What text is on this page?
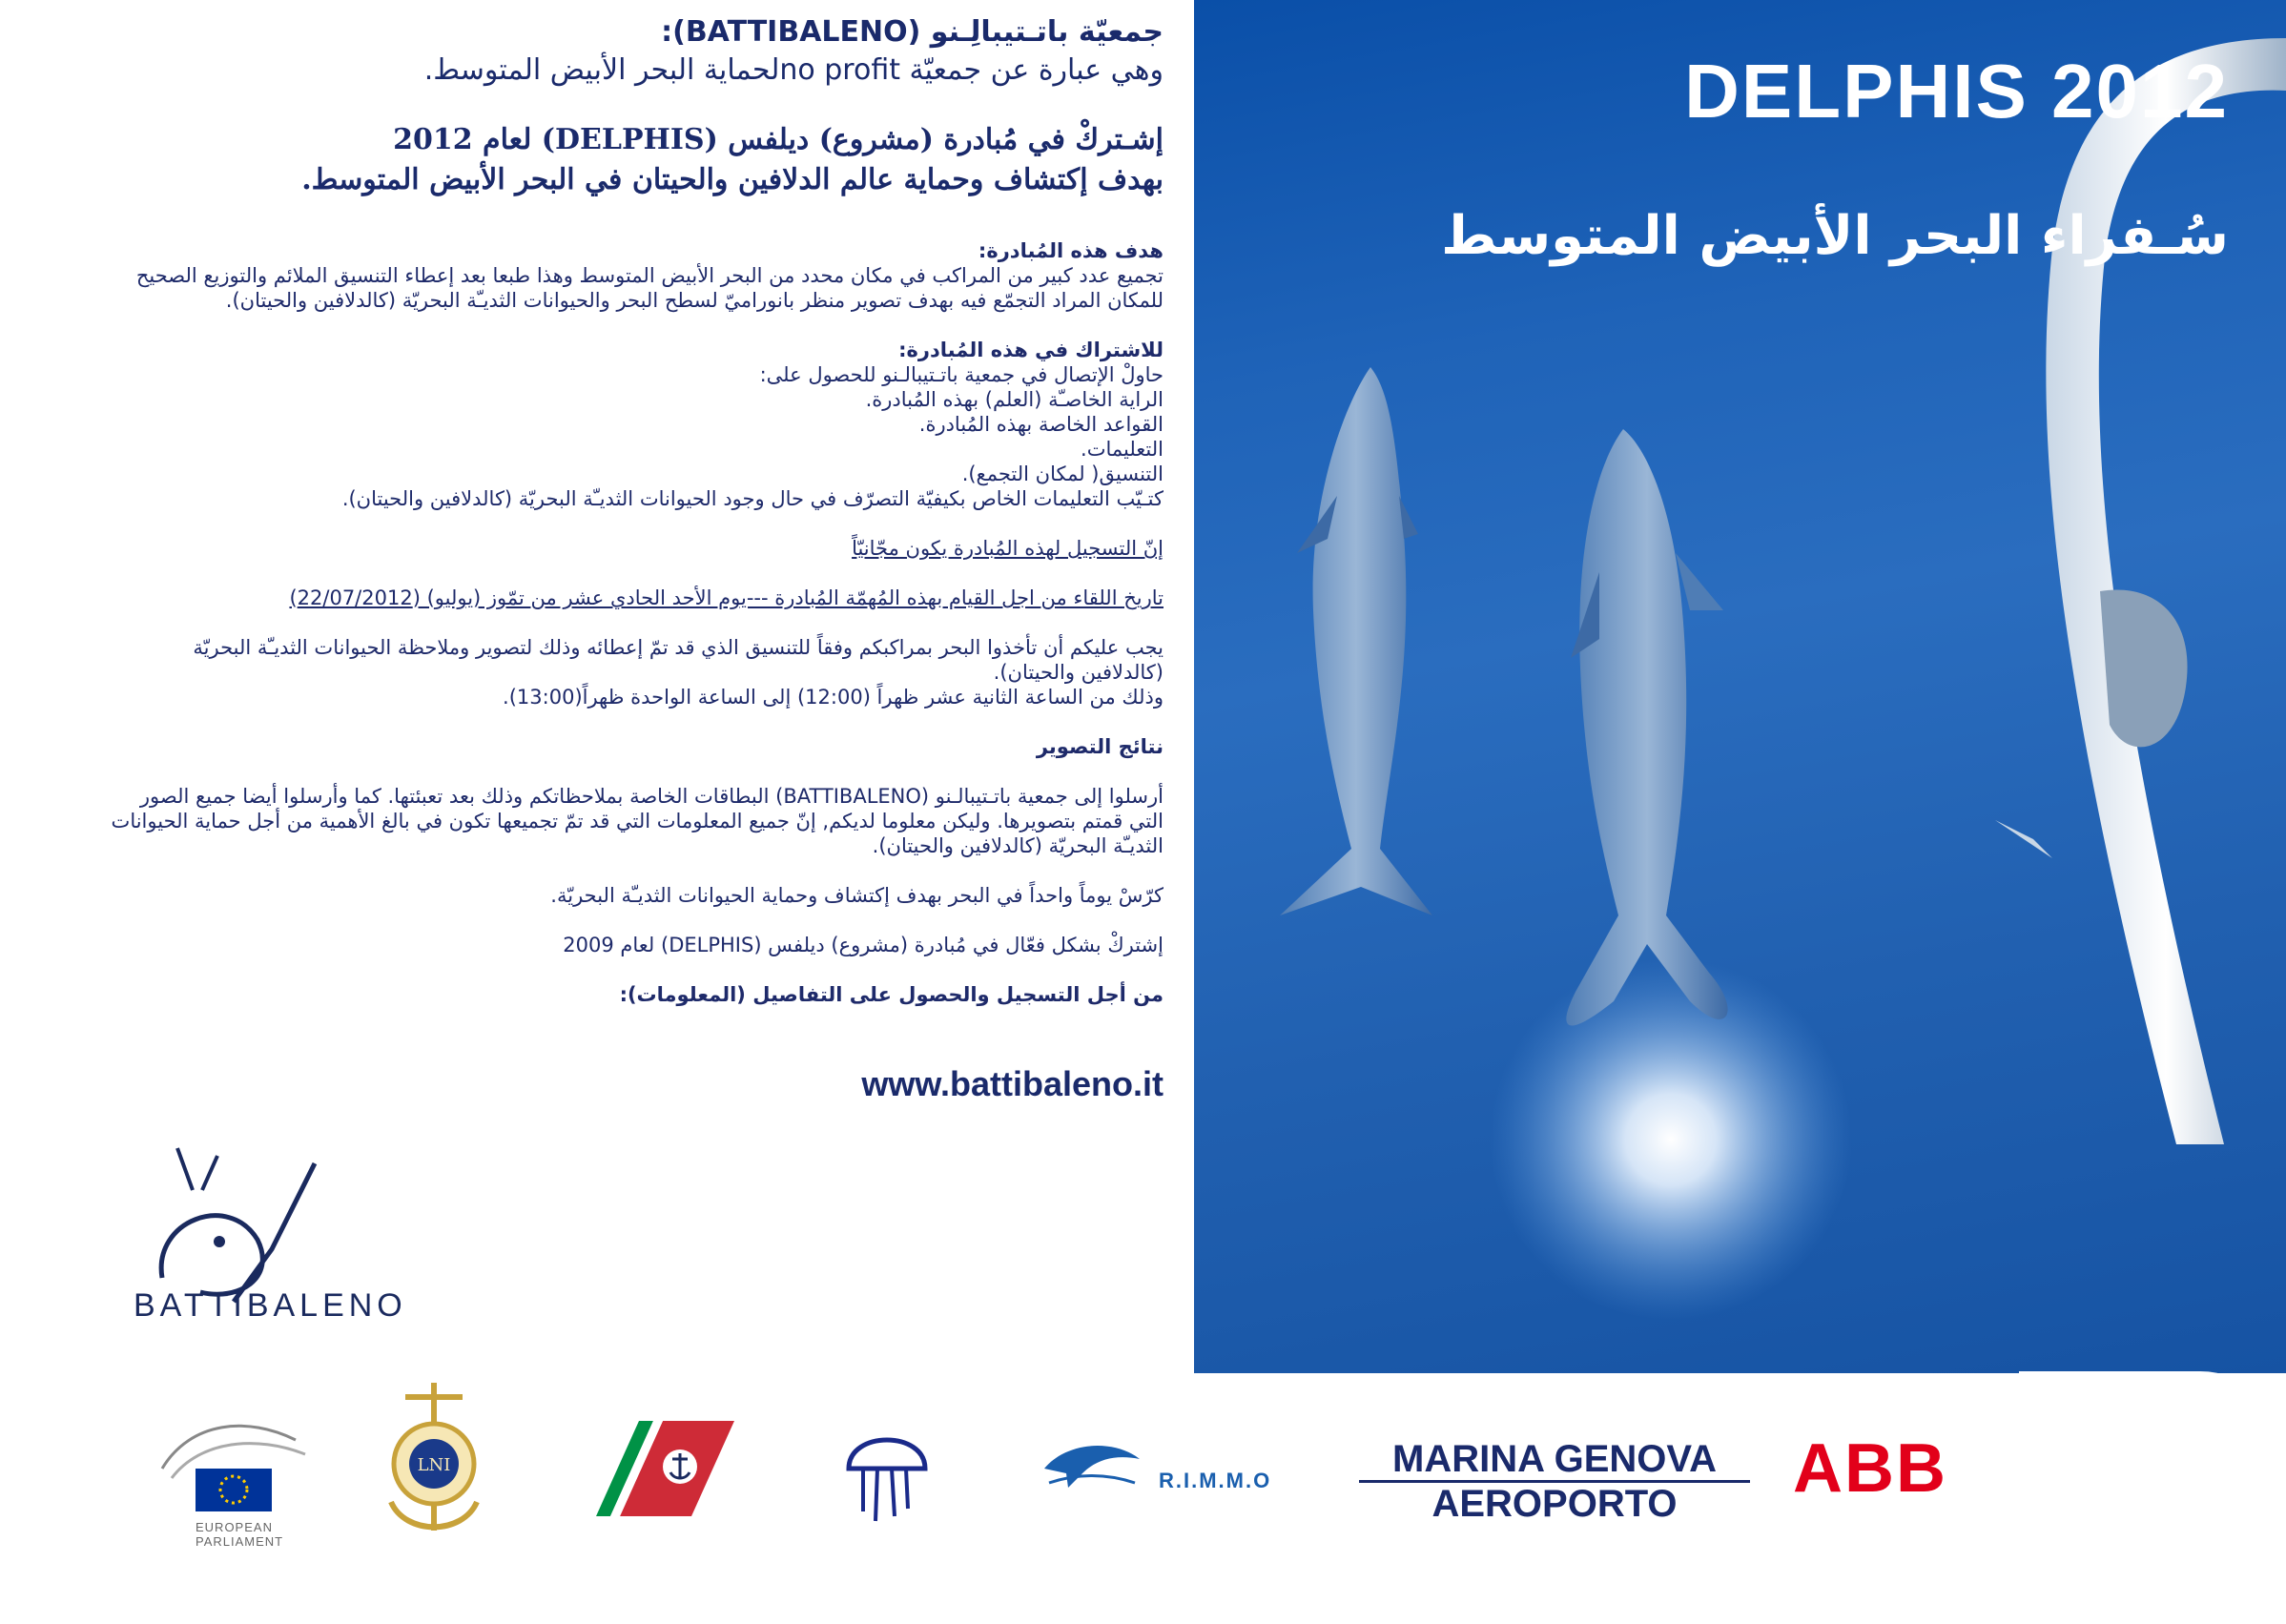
جمعيّة باتـتيبالِـنو (BATTIBALENO):
وهي عبارة عن جمعيّة no profitلحماية البحر الأبيض المتوسط.
إشـتركْ في مُبادرة (مشروع) ديلفس (DELPHIS) لعام 2012
بهدف إكتشاف وحماية عالم الدلافين والحيتان في البحر الأبيض المتوسط.
هدف هذه المُبادرة:
تجميع عدد كبير من المراكب في مكان محدد من البحر الأبيض المتوسط وهذا طبعا بعد إعطاء التنسيق الملائم والتوزيع الصحيح للمكان المراد التجمّع فيه بهدف تصوير منظر بانوراميّ لسطح البحر والحيوانات الثديـّة البحريّة (كالدلافين والحيتان).
للاشتراك في هذه المُبادرة:
حاولْ الإتصال في جمعية باتـتيبالـنو للحصول على:
الراية الخاصـّة (العلم) بهذه المُبادرة.
القواعد الخاصة بهذه المُبادرة.
التعليمات.
التنسيق( لمكان التجمع).
كتـيّب التعليمات الخاص بكيفيّة التصرّف في حال وجود الحيوانات الثديـّة البحريّة (كالدلافين والحيتان).
إنّ التسجيل لهذه المُبادرة يكون مجّانيّاً
تاريخ اللقاء من اجل القيام بهذه المُهمّة المُبادرة ---يوم الأحد الحادي عشر من تمّوز (يوليو) (22/07/2012)
يجب عليكم أن تأخذوا البحر بمراكبكم وفقاً للتنسيق الذي قد تمّ إعطائه وذلك لتصوير وملاحظة الحيوانات الثديـّة البحريّة (كالدلافين والحيتان).
وذلك من الساعة الثانية عشر ظهراً (12:00) إلى الساعة الواحدة ظهراً(13:00).
نتائج التصوير
أرسلوا إلى جمعية باتـتيبالـنو (BATTIBALENO) البطاقات الخاصة بملاحظاتكم وذلك بعد تعبئتها. كما وأرسلوا أيضا جميع الصور التي قمتم بتصويرها. وليكن معلوما لديكم, إنّ جميع المعلومات التي قد تمّ تجميعها تكون في بالغ الأهمية من أجل حماية الحيوانات الثديـّة البحريّة (كالدلافين والحيتان).
كرّسْ يوماً واحداً في البحر بهدف إكتشاف وحماية الحيوانات الثديـّة البحريّة.
إشتركْ بشكل فعّال في مُبادرة (مشروع) ديلفس (DELPHIS) لعام 2009
من أجل التسجيل والحصول على التفاصيل (المعلومات):
www.battibaleno.it
BATTIBALENO
DELPHIS 2012
سُـفراء البحر الأبيض المتوسط
EUROPEAN PARLIAMENT
LNI
R.I.M.M.O
MARINA GENOVA
AEROPORTO	ABB
